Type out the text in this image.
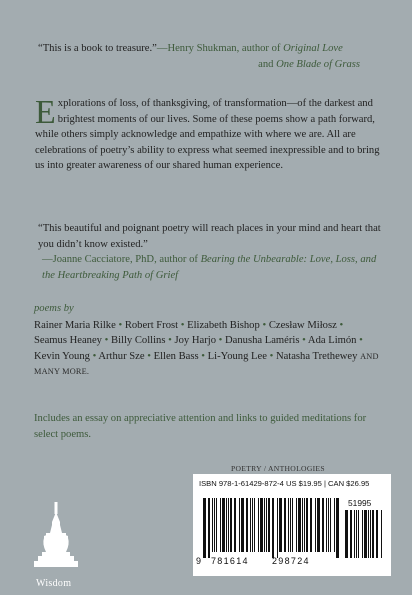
“This is a book to treasure.”—Henry Shukman, author of Original Love
and One Blade of Grass
Explorations of loss, of thanksgiving, of transformation—of the darkest and brightest moments of our lives. Some of these poems show a path forward, while others simply acknowledge and empathize with where we are. All are celebrations of poetry’s ability to express what seemed inexpressible and to bring us into greater awareness of our shared human experience.
“This beautiful and poignant poetry will reach places in your mind and heart that you didn’t know existed.”
—Joanne Cacciatore, PhD, author of Bearing the Unbearable: Love, Loss, and the Heartbreaking Path of Grief
poems by
Rainer Maria Rilke • Robert Frost • Elizabeth Bishop • Czesław Miłosz • Seamus Heaney • Billy Collins • Joy Harjo • Danusha Laméris • Ada Limón • Kevin Young • Arthur Sze • Ellen Bass • Li-Young Lee • Natasha Trethewey AND MANY MORE.
Includes an essay on appreciative attention and links to guided meditations for select poems.
POETRY / ANTHOLOGIES
ISBN 978-1-61429-872-4 US $19.95 | CAN $26.95
51995
9 781614	298724
Wisdom
